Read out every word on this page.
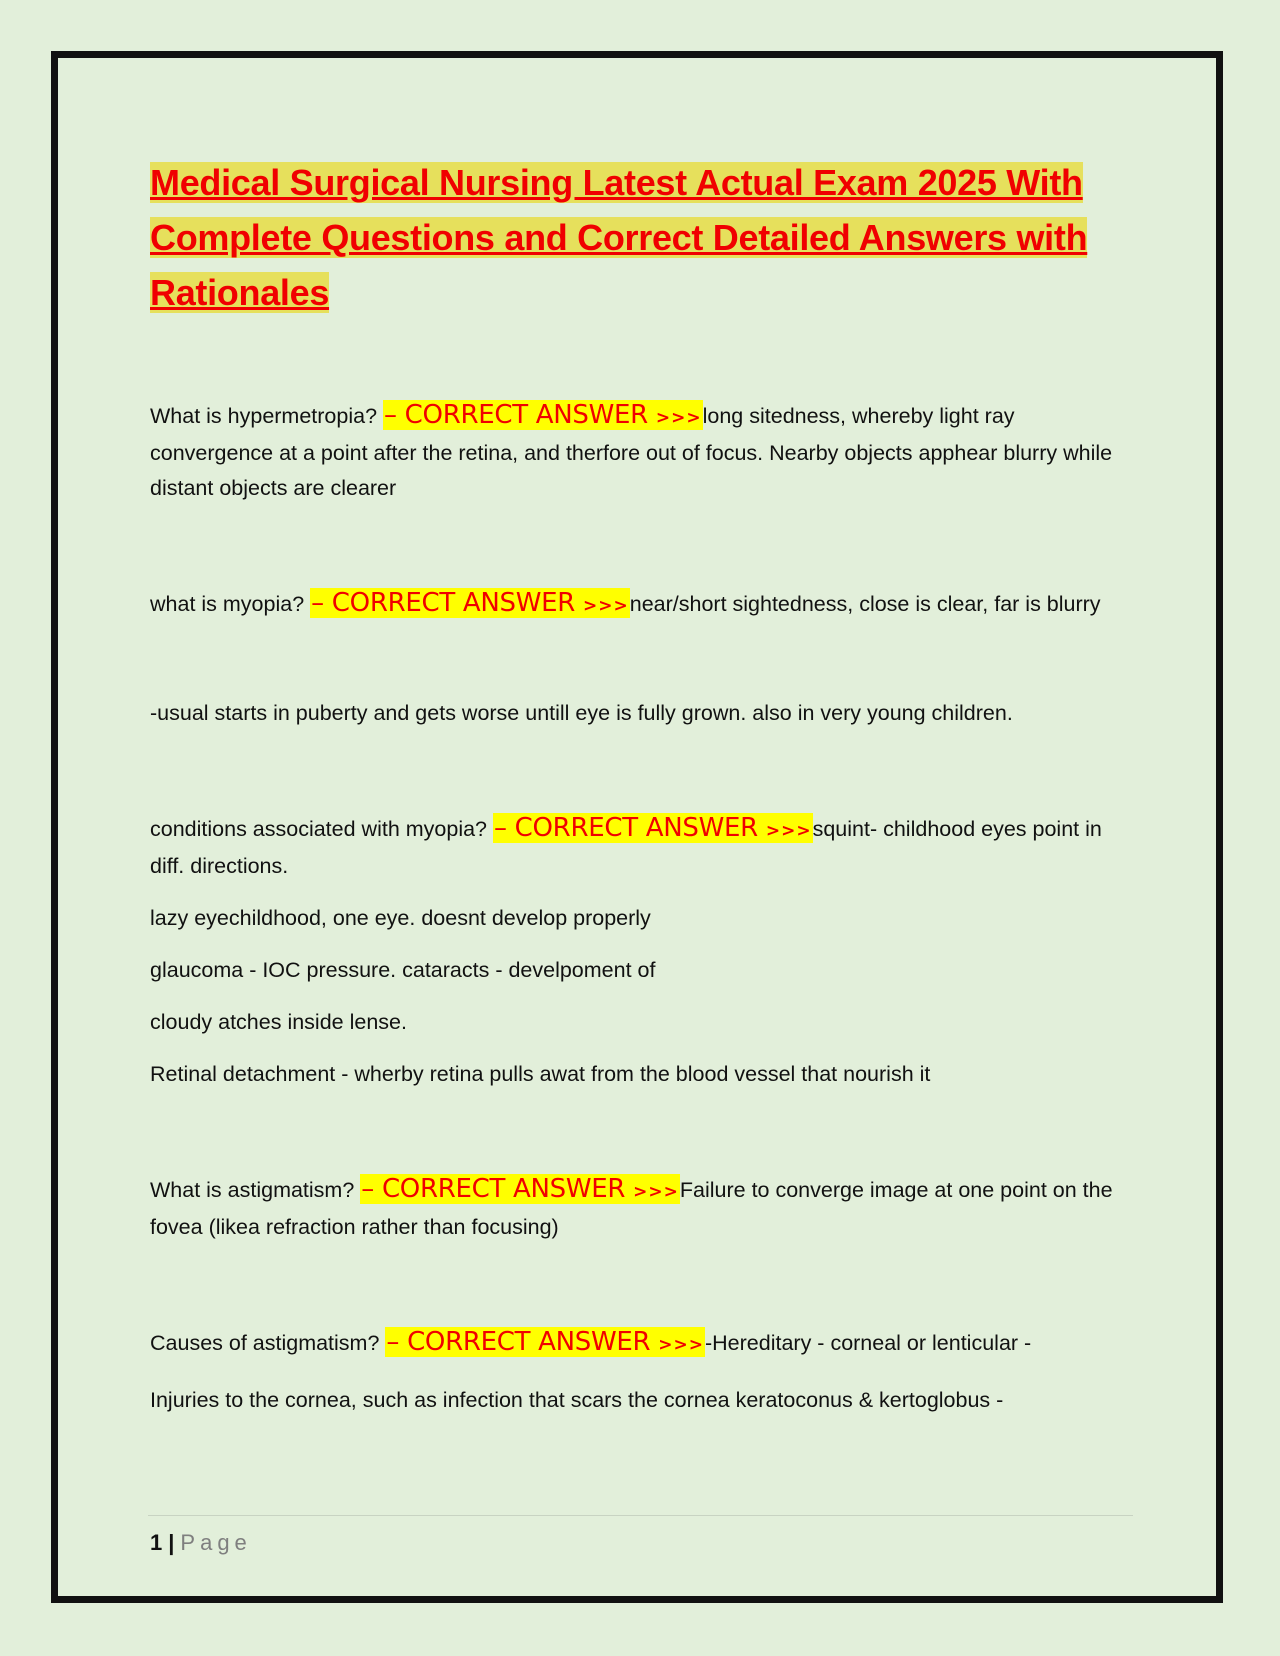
Medical Surgical Nursing Latest Actual Exam 2025 With Complete Questions and Correct Detailed Answers with Rationales

What is hypermetropia? – CORRECT ANSWER >>>long sitedness, whereby light ray convergence at a point after the retina, and therfore out of focus. Nearby objects apphear blurry while distant objects are clearer

what is myopia? – CORRECT ANSWER >>>near/short sightedness, close is clear, far is blurry

-usual starts in puberty and gets worse untill eye is fully grown. also in very young children.

conditions associated with myopia? – CORRECT ANSWER >>>squint- childhood eyes point in diff. directions.

lazy eyechildhood, one eye. doesnt develop properly

glaucoma - IOC pressure. cataracts - develpoment of

cloudy atches inside lense.

Retinal detachment - wherby retina pulls awat from the blood vessel that nourish it

What is astigmatism? – CORRECT ANSWER >>>Failure to converge image at one point on the fovea (likea refraction rather than focusing)

Causes of astigmatism? – CORRECT ANSWER >>>-Hereditary - corneal or lenticular -

Injuries to the cornea, such as infection that scars the cornea keratoconus & kertoglobus -

1 | Page
